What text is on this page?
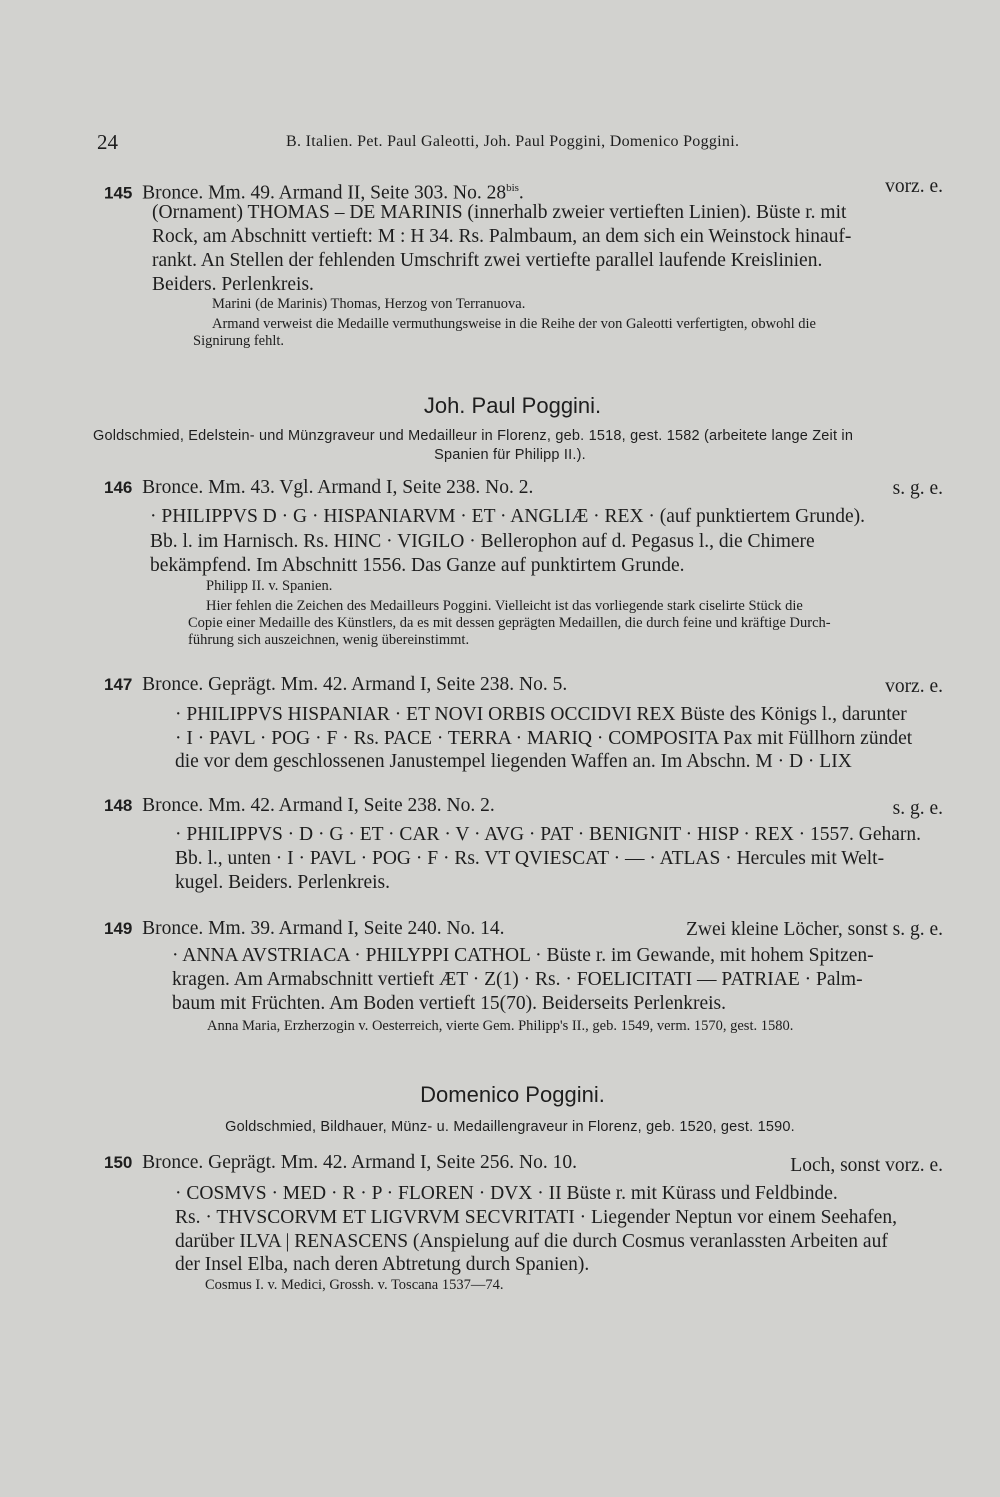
24	B. Italien. Pet. Paul Galeotti, Joh. Paul Poggini, Domenico Poggini.
145 Bronce. Mm. 49. Armand II, Seite 303. No. $28^{bis}$.	vorz. e.
(Ornament) THOMAS – DE MARINIS (innerhalb zweier vertieften Linien). Büste r. mit
Rock, am Abschnitt vertieft: M : H 34. Rs. Palmbaum, an dem sich ein Weinstock hinauf-
rankt. An Stellen der fehlenden Umschrift zwei vertiefte parallel laufende Kreislinien.
Beiders. Perlenkreis.
Marini (de Marinis) Thomas, Herzog von Terranuova.
Armand verweist die Medaille vermuthungsweise in die Reihe der von Galeotti verfertigten, obwohl die
Signirung fehlt.
Joh. Paul Poggini.
Goldschmied, Edelstein- und Münzgraveur und Medailleur in Florenz, geb. 1518, gest. 1582 (arbeitete lange Zeit in
Spanien für Philipp II.).
146 Bronce. Mm. 43. Vgl. Armand I, Seite 238. No. 2.	s. g. e.
· PHILIPPVS D · G · HISPANIARVM · ET · ANGLIÆ · REX · (auf punktiertem Grunde).
Bb. l. im Harnisch. Rs. HINC · VIGILO · Bellerophon auf d. Pegasus l., die Chimere
bekämpfend. Im Abschnitt 1556. Das Ganze auf punktirtem Grunde.
Philipp II. v. Spanien.
Hier fehlen die Zeichen des Medailleurs Poggini. Vielleicht ist das vorliegende stark ciselirte Stück die
Copie einer Medaille des Künstlers, da es mit dessen geprägten Medaillen, die durch feine und kräftige Durch-
führung sich auszeichnen, wenig übereinstimmt.
147 Bronce. Geprägt. Mm. 42. Armand I, Seite 238. No. 5.	vorz. e.
· PHILIPPVS HISPANIAR · ET NOVI ORBIS OCCIDVI REX Büste des Königs l., darunter
· I · PAVL · POG · F · Rs. PACE · TERRA · MARIQ · COMPOSITA Pax mit Füllhorn zündet
die vor dem geschlossenen Janustempel liegenden Waffen an. Im Abschn. M · D · LIX
148 Bronce. Mm. 42. Armand I, Seite 238. No. 2.	s. g. e.
· PHILIPPVS · D · G · ET · CAR · V · AVG · PAT · BENIGNIT · HISP · REX · 1557. Geharn.
Bb. l., unten · I · PAVL · POG · F · Rs. VT QVIESCAT · — · ATLAS · Hercules mit Welt-
kugel. Beiders. Perlenkreis.
149 Bronce. Mm. 39. Armand I, Seite 240. No. 14.	Zwei kleine Löcher, sonst s. g. e.
· ANNA AVSTRIACA · PHILYPPI CATHOL · Büste r. im Gewande, mit hohem Spitzen-
kragen. Am Armabschnitt vertieft ÆT · Z(1) · Rs. · FOELICITATI — PATRIAE · Palm-
baum mit Früchten. Am Boden vertieft 15(70). Beiderseits Perlenkreis.
Anna Maria, Erzherzogin v. Oesterreich, vierte Gem. Philipp's II., geb. 1549, verm. 1570, gest. 1580.
Domenico Poggini.
Goldschmied, Bildhauer, Münz- u. Medaillengraveur in Florenz, geb. 1520, gest. 1590.
150 Bronce. Geprägt. Mm. 42. Armand I, Seite 256. No. 10.	Loch, sonst vorz. e.
· COSMVS · MED · R · P · FLOREN · DVX · II Büste r. mit Kürass und Feldbinde.
Rs. · THVSCORVM ET LIGVRVM SECVRITATI · Liegender Neptun vor einem Seehafen,
darüber ILVA | RENASCENS (Anspielung auf die durch Cosmus veranlassten Arbeiten auf
der Insel Elba, nach deren Abtretung durch Spanien).
Cosmus I. v. Medici, Grossh. v. Toscana 1537—74.
